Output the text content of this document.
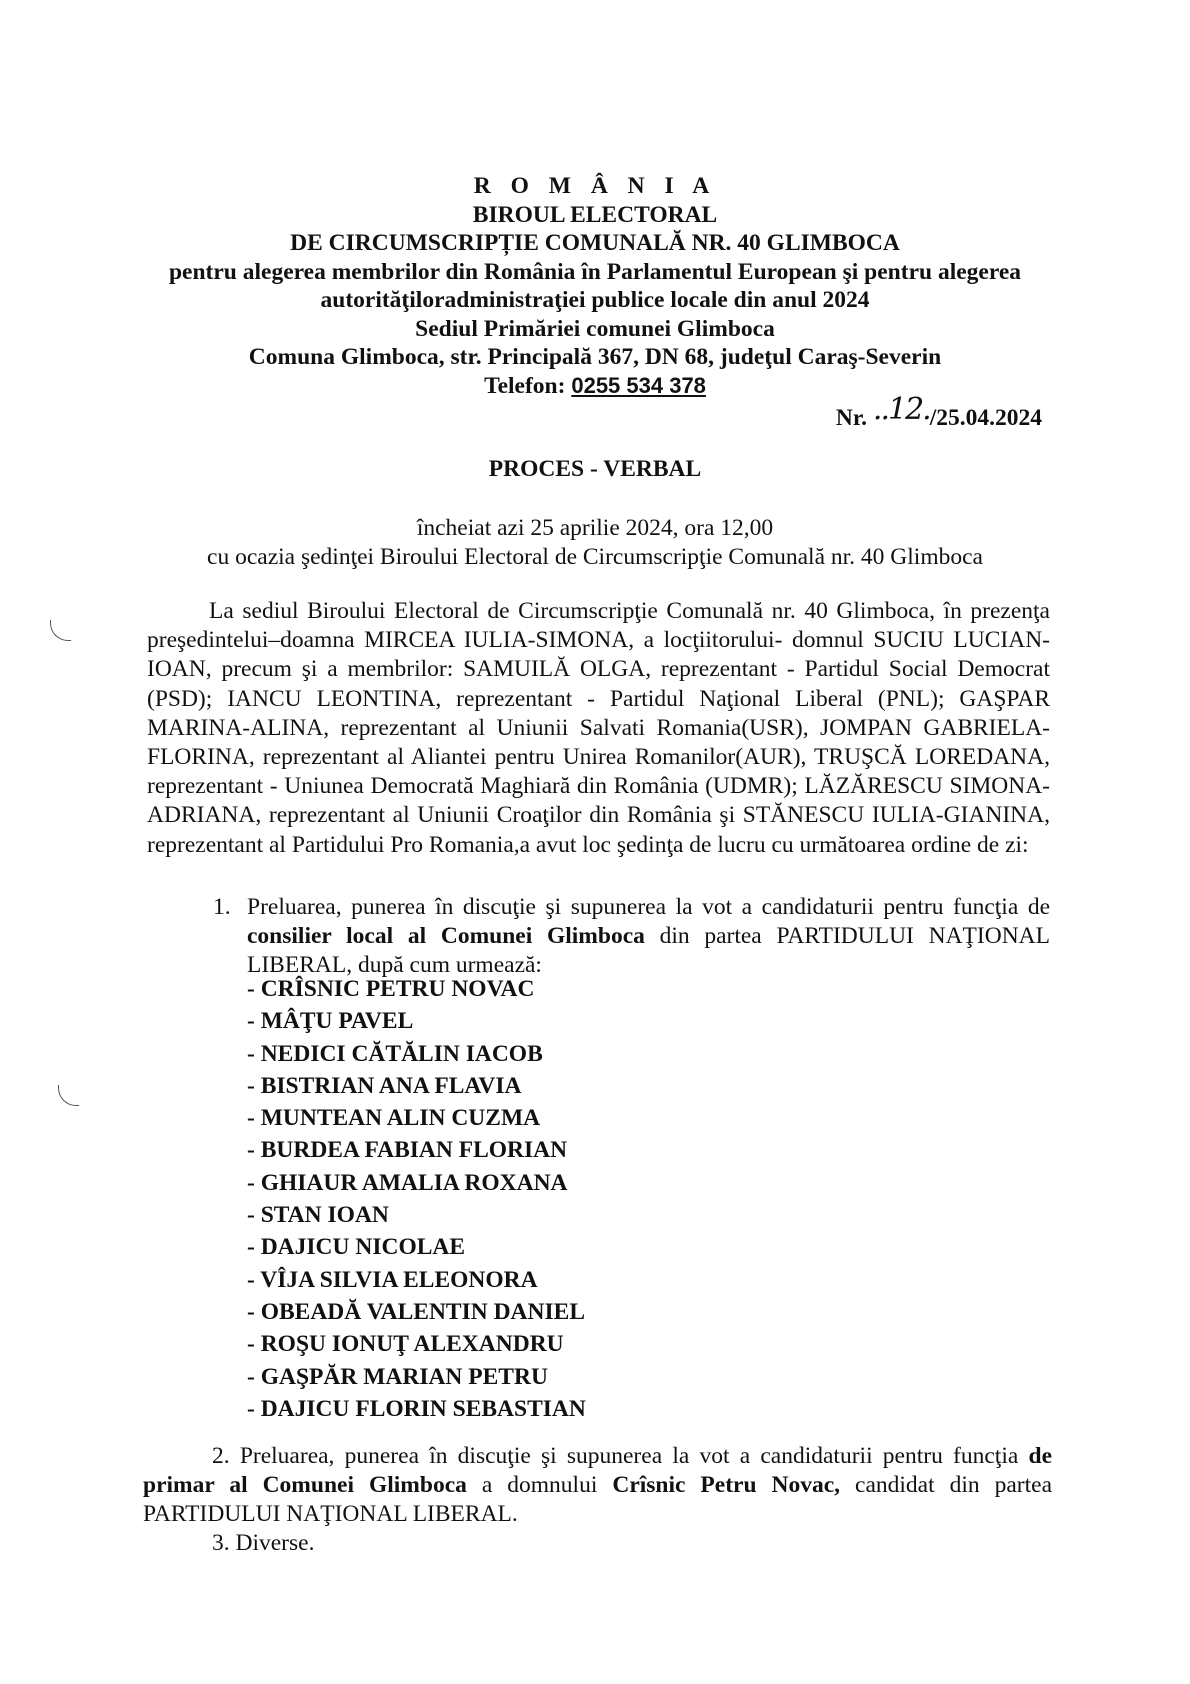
R O M Â N I A
BIROUL ELECTORAL
DE CIRCUMSCRIPȚIE COMUNALĂ NR. 40 GLIMBOCA
pentru alegerea membrilor din România în Parlamentul European şi pentru alegerea
autorităţiloradministraţiei publice locale din anul 2024
Sediul Primăriei comunei Glimboca
Comuna Glimboca, str. Principală 367, DN 68, judeţul Caraş-Severin
Telefon: 0255 534 378
Nr. ..12./25.04.2024
PROCES - VERBAL
încheiat azi 25 aprilie 2024, ora 12,00
cu ocazia şedinţei Biroului Electoral de Circumscripţie Comunală nr. 40 Glimboca

La sediul Biroului Electoral de Circumscripţie Comunală nr. 40 Glimboca, în prezenţa preşedintelui–doamna MIRCEA IULIA-SIMONA, a locţiitorului- domnul SUCIU LUCIAN-IOAN, precum şi a membrilor: SAMUILĂ OLGA, reprezentant - Partidul Social Democrat (PSD); IANCU LEONTINA, reprezentant - Partidul Naţional Liberal (PNL); GAŞPAR MARINA-ALINA, reprezentant al Uniunii Salvati Romania(USR), JOMPAN GABRIELA-FLORINA, reprezentant al Aliantei pentru Unirea Romanilor(AUR), TRUŞCĂ LOREDANA, reprezentant - Uniunea Democrată Maghiară din România (UDMR); LĂZĂRESCU SIMONA-ADRIANA, reprezentant al Uniunii Croaţilor din România şi STĂNESCU IULIA-GIANINA, reprezentant al Partidului Pro Romania,a avut loc şedinţa de lucru cu următoarea ordine de zi:

1. Preluarea, punerea în discuţie şi supunerea la vot a candidaturii pentru funcţia de consilier local al Comunei Glimboca din partea PARTIDULUI NAŢIONAL LIBERAL, după cum urmează:
- CRÎSNIC PETRU NOVAC
- MÂŢU PAVEL
- NEDICI CĂTĂLIN IACOB
- BISTRIAN ANA FLAVIA
- MUNTEAN ALIN CUZMA
- BURDEA FABIAN FLORIAN
- GHIAUR AMALIA ROXANA
- STAN IOAN
- DAJICU NICOLAE
- VÎJA SILVIA ELEONORA
- OBEADĂ VALENTIN DANIEL
- ROŞU IONUŢ ALEXANDRU
- GAŞPĂR MARIAN PETRU
- DAJICU FLORIN SEBASTIAN
2. Preluarea, punerea în discuţie şi supunerea la vot a candidaturii pentru funcţia de primar al Comunei Glimboca a domnului Crîsnic Petru Novac, candidat din partea PARTIDULUI NAŢIONAL LIBERAL.
3. Diverse.
